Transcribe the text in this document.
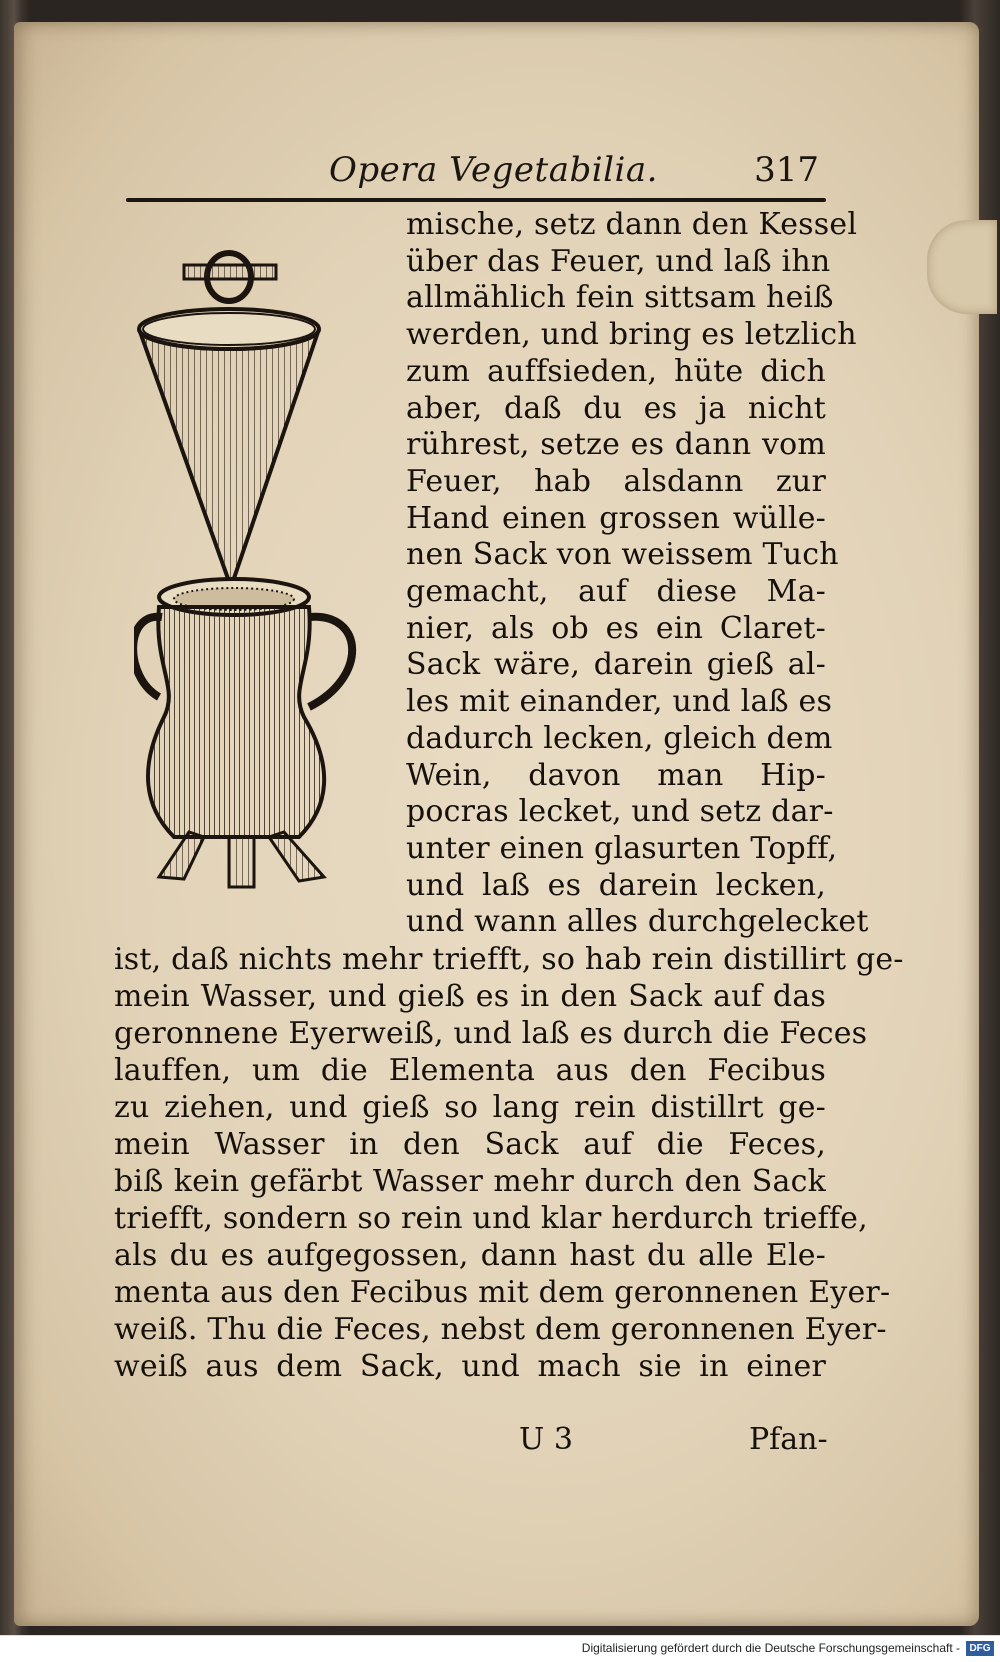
Opera Vegetabilia.	317
mische, setz dann den Kessel
über das Feuer, und laß ihn
allmählich fein sittsam heiß
werden, und bring es letzlich
zum auffsieden, hüte dich
aber, daß du es ja nicht
rührest, setze es dann vom
Feuer, hab alsdann zur
Hand einen grossen wülle-
nen Sack von weissem Tuch
gemacht, auf diese Ma-
nier, als ob es ein Claret-
Sack wäre, darein gieß al-
les mit einander, und laß es
dadurch lecken, gleich dem
Wein, davon man Hip-
pocras lecket, und setz dar-
unter einen glasurten Topff,
und laß es darein lecken,
und wann alles durchgelecket
ist, daß nichts mehr triefft, so hab rein distillirt ge-
mein Wasser, und gieß es in den Sack auf das
geronnene Eyerweiß, und laß es durch die Feces
lauffen, um die Elementa aus den Fecibus
zu ziehen, und gieß so lang rein distillrt ge-
mein Wasser in den Sack auf die Feces,
biß kein gefärbt Wasser mehr durch den Sack
triefft, sondern so rein und klar herdurch trieffe,
als du es aufgegossen, dann hast du alle Ele-
menta aus den Fecibus mit dem geronnenen Eyer-
weiß. Thu die Feces, nebst dem geronnenen Eyer-
weiß aus dem Sack, und mach sie in einer
U 3	Pfan-
Digitalisierung gefördert durch die Deutsche Forschungsgemeinschaft - DFG
